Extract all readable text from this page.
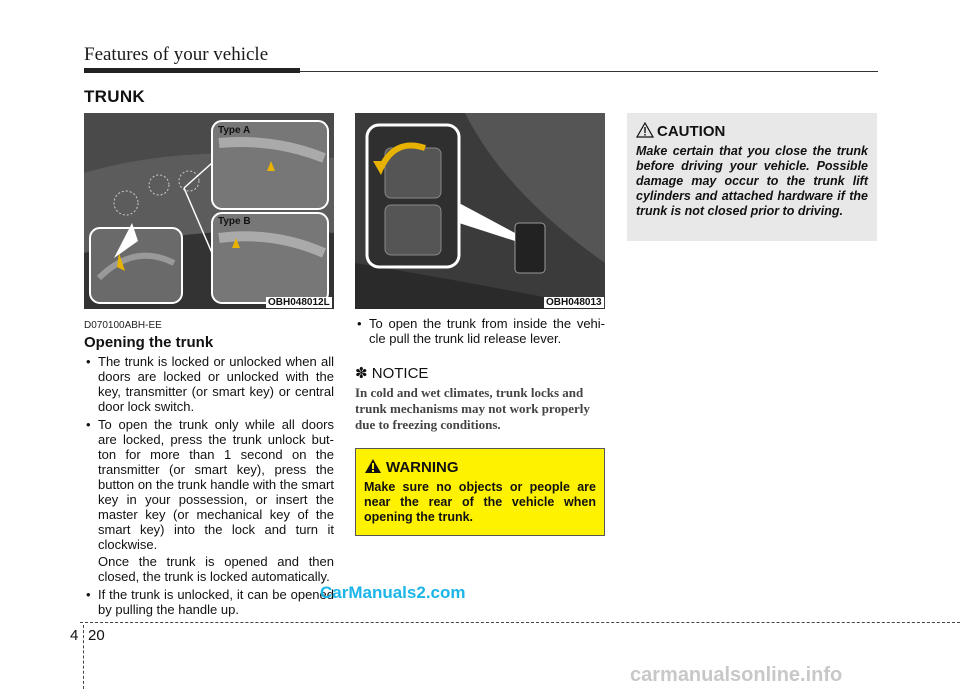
Features of your vehicle
TRUNK
Type A
Type B
OBH048012L	OBH048013
D070100ABH-EE
Opening the trunk
• The trunk is locked or unlocked when all doors are locked or unlocked with the key, transmitter (or smart key) or central door lock switch.
• To open the trunk only while all doors are locked, press the trunk unlock but-ton for more than 1 second on the transmitter (or smart key), press the button on the trunk handle with the smart key in your possession, or insert the master key (or mechanical key of the smart key) into the lock and turn it clockwise.
Once the trunk is opened and then closed, the trunk is locked automatically.
• If the trunk is unlocked, it can be opened by pulling the handle up.
• To open the trunk from inside the vehi-cle pull the trunk lid release lever.
✽ NOTICE
In cold and wet climates, trunk locks and trunk mechanisms may not work properly due to freezing conditions.
WARNING
Make sure no objects or people are near the rear of the vehicle when opening the trunk.
CAUTION
Make certain that you close the trunk before driving your vehicle. Possible damage may occur to the trunk lift cylinders and attached hardware if the trunk is not closed prior to driving.
4 20
CarManuals2.com
carmanualsonline.info
